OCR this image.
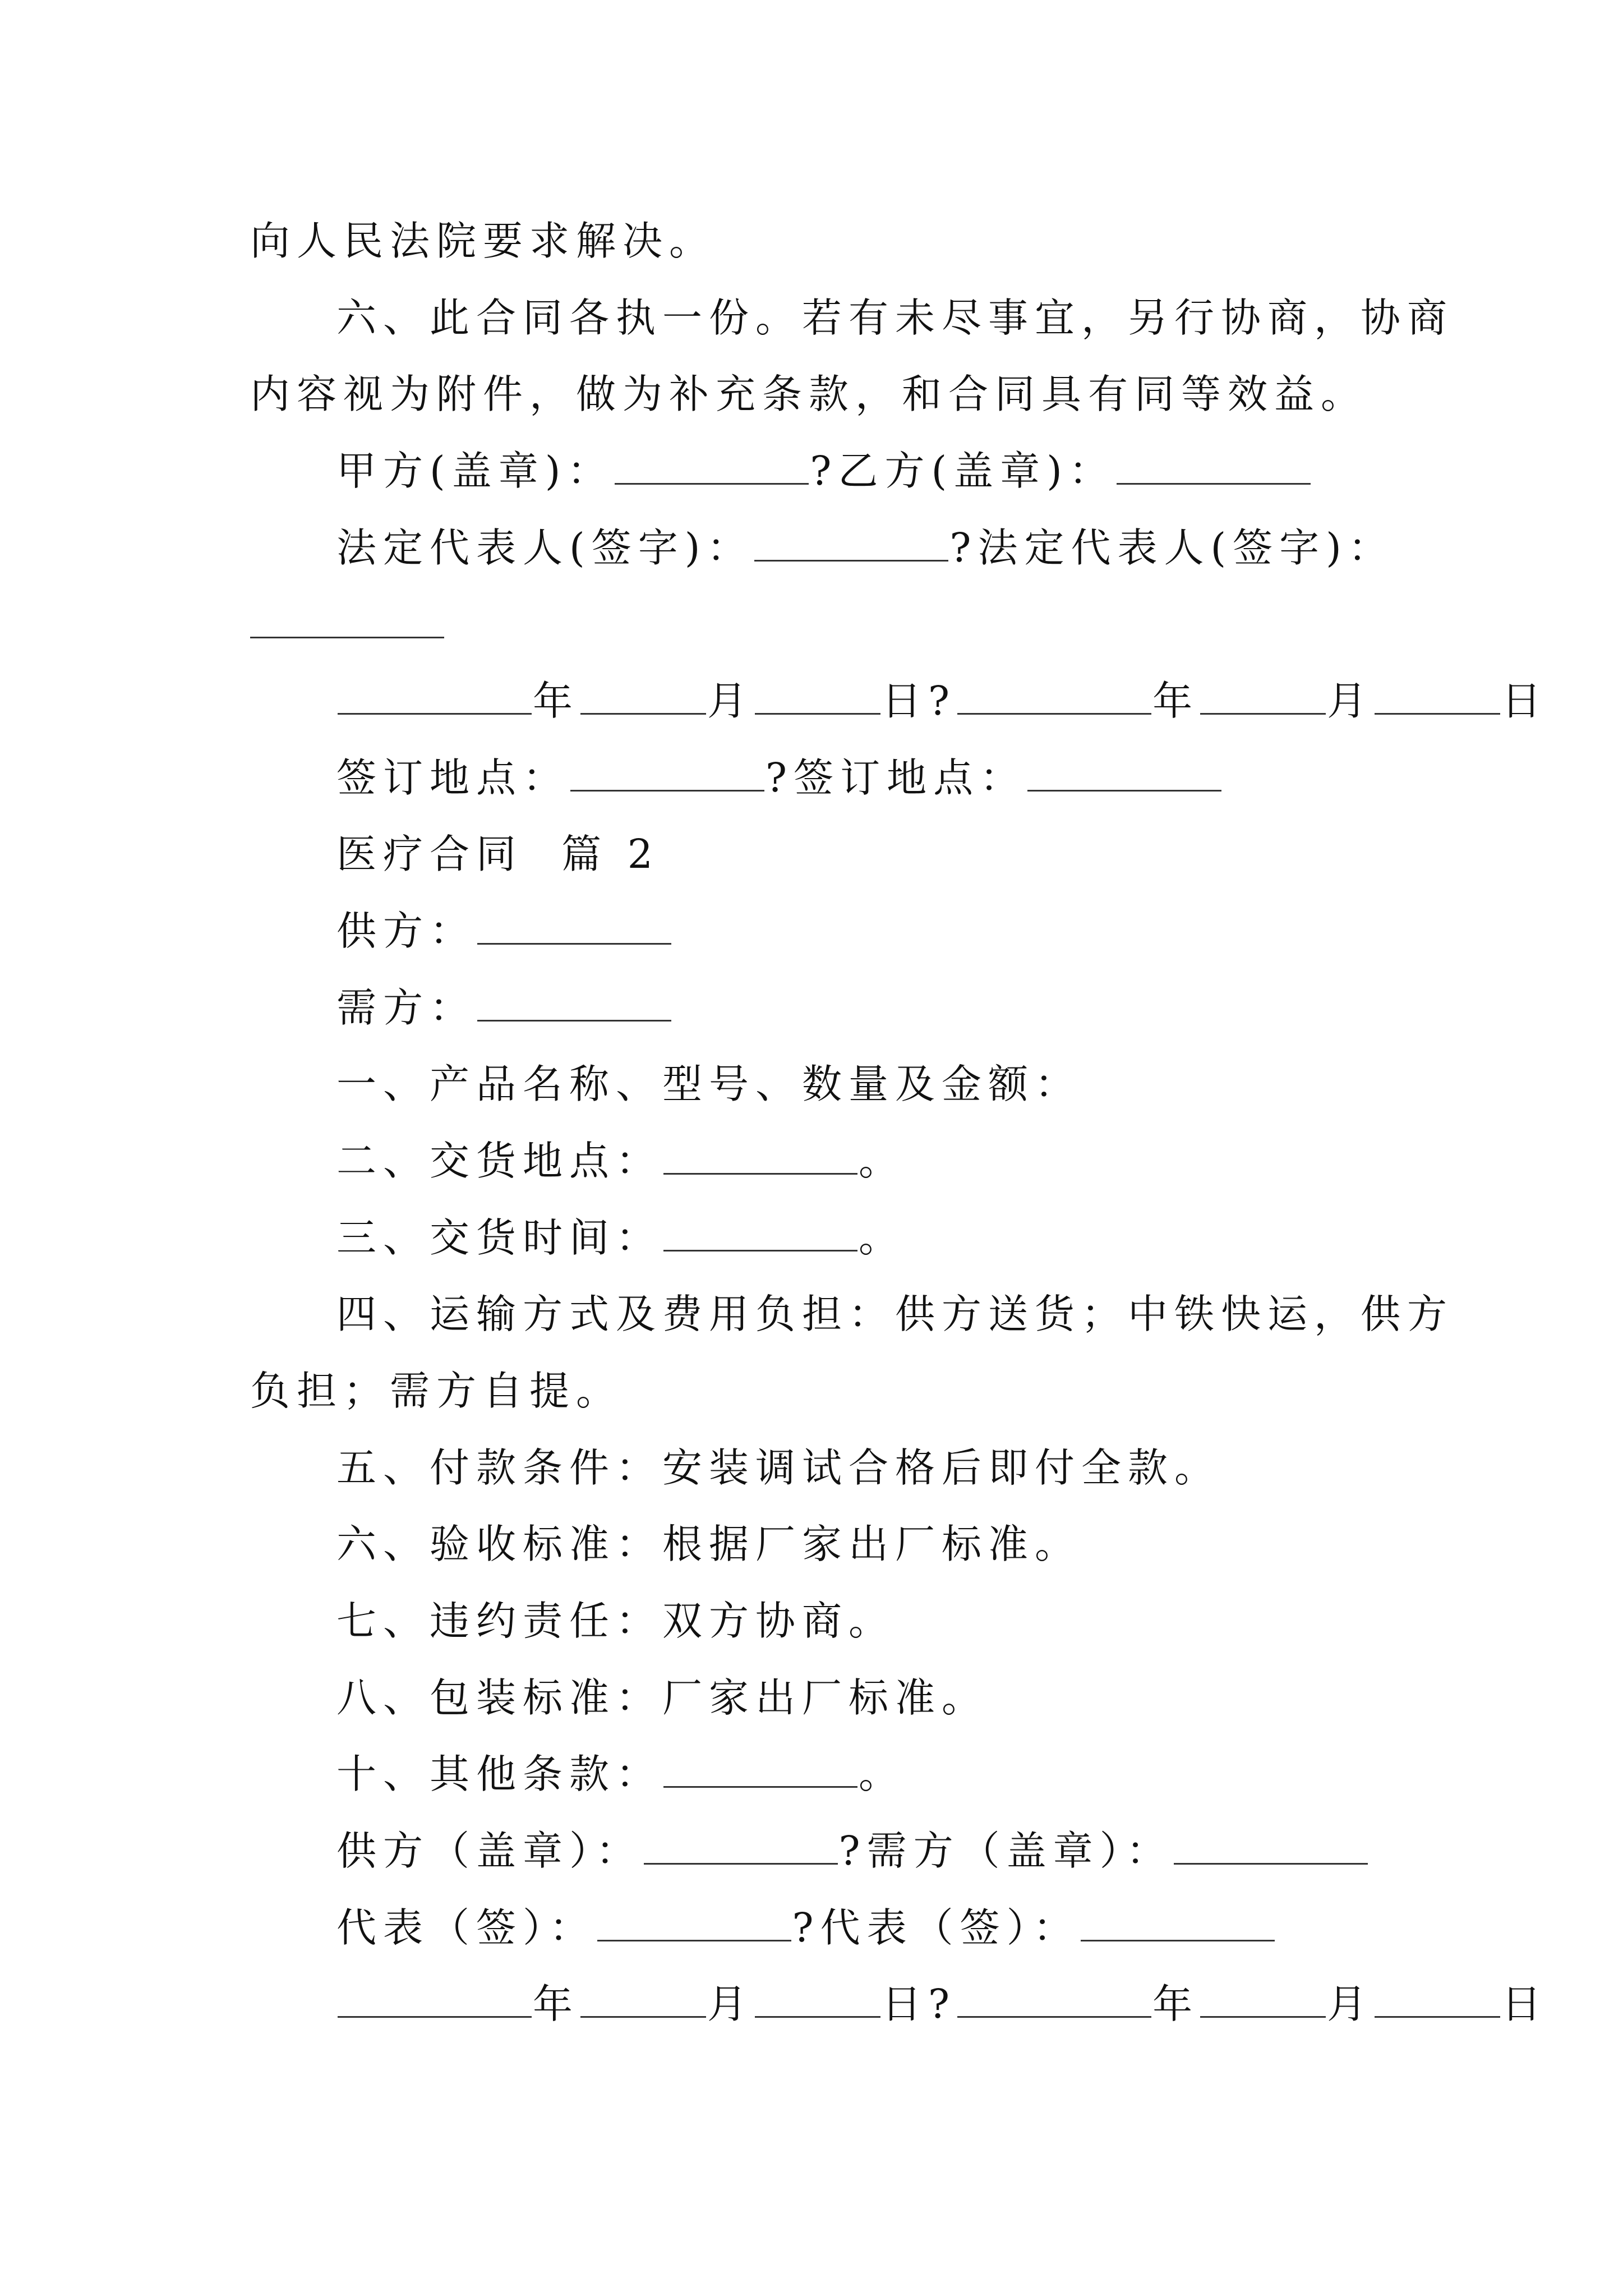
向人民法院要求解决。
六、此合同各执一份。若有未尽事宜，另行协商，协商
内容视为附件，做为补充条款，和合同具有同等效益。
甲方(盖章)：	?乙方(盖章)：
法定代表人(签字)：	?法定代表人(签字)：
年	月	日?	年	月	日
签订地点：	?签订地点：
医疗合同  篇 2
供方：
需方：
一、产品名称、型号、数量及金额：
二、交货地点：	。
三、交货时间：	。
四、运输方式及费用负担：供方送货；中铁快运，供方
负担；需方自提。
五、付款条件：安装调试合格后即付全款。
六、验收标准：根据厂家出厂标准。
七、违约责任：双方协商。
八、包装标准：厂家出厂标准。
十、其他条款：	。
供方（盖章）：	?需方（盖章）：
代表（签）：	?代表（签）：
年	月	日?	年	月	日
